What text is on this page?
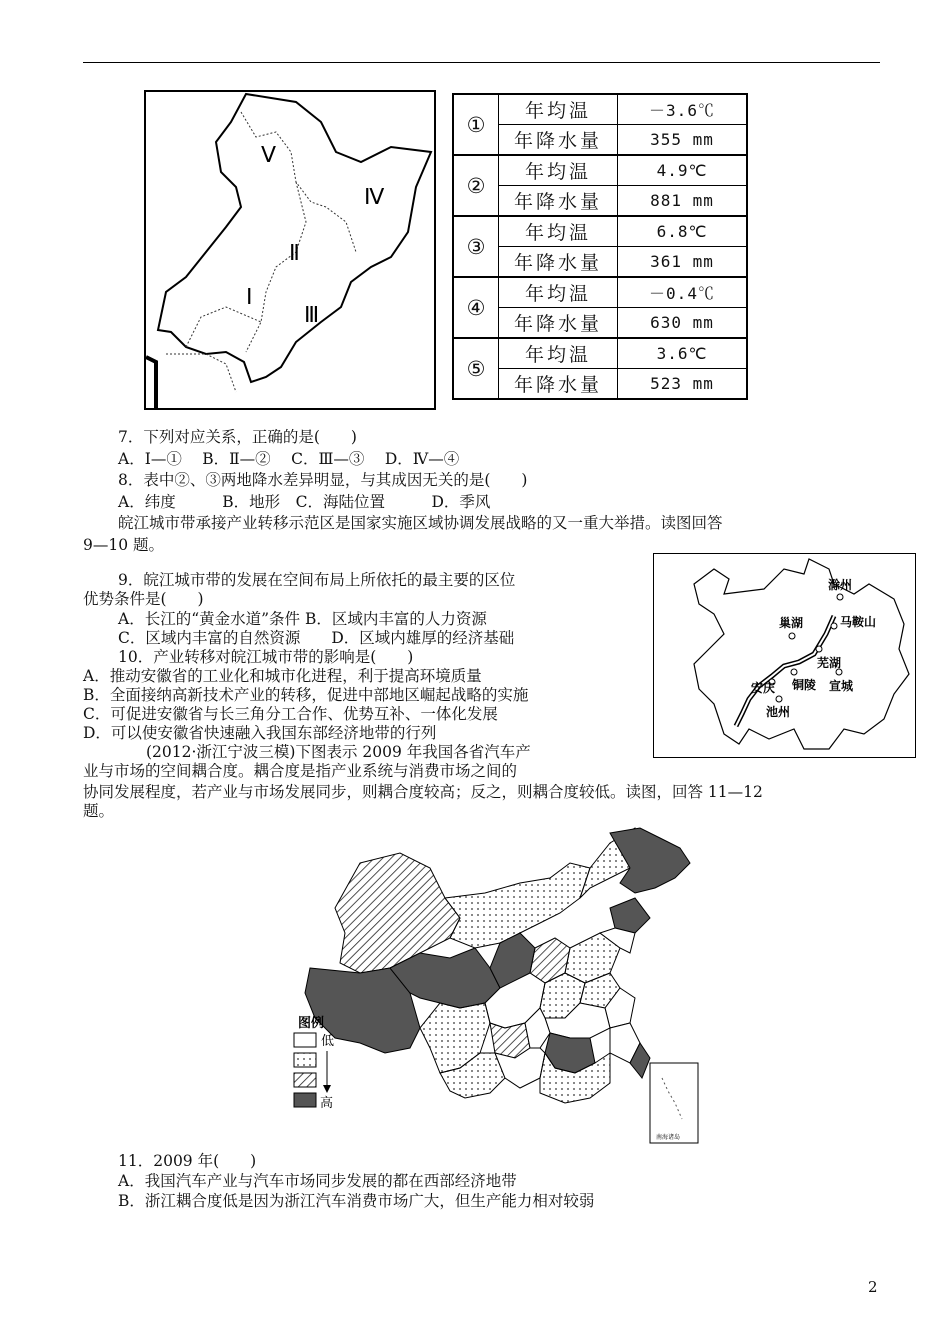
Ⅴ
Ⅳ
Ⅱ
Ⅰ
Ⅲ
①	年均温	－3.6℃
	年降水量	355 mm
②	年均温	4.9℃
	年降水量	881 mm
③	年均温	6.8℃
	年降水量	361 mm
④	年均温	－0.4℃
	年降水量	630 mm
⑤	年均温	3.6℃
	年降水量	523 mm
7．下列对应关系，正确的是(　　)
A．Ⅰ—①　 B．Ⅱ—②　 C．Ⅲ—③　 D．Ⅳ—④
8．表中②、③两地降水差异明显，与其成因无关的是(　　)
A．纬度　　　B．地形　C．海陆位置　　　D．季风
皖江城市带承接产业转移示范区是国家实施区域协调发展战略的又一重大举措。读图回答
9—10 题。
9．皖江城市带的发展在空间布局上所依托的最主要的区位
优势条件是(　　)
A．长江的“黄金水道”条件 B．区域内丰富的人力资源
C．区域内丰富的自然资源　　D．区域内雄厚的经济基础
10．产业转移对皖江城市带的影响是(　　)
A．推动安徽省的工业化和城市化进程，利于提高环境质量
B．全面接纳高新技术产业的转移，促进中部地区崛起战略的实施
C．可促进安徽省与长三角分工合作、优势互补、一体化发展
D．可以使安徽省快速融入我国东部经济地带的行列
(2012·浙江宁波三模)下图表示 2009 年我国各省汽车产
业与市场的空间耦合度。耦合度是指产业系统与消费市场之间的
协同发展程度，若产业与市场发展同步，则耦合度较高；反之，则耦合度较低。读图，回答 11—12
题。
滁州
巢湖	马鞍山
芜湖
安庆 铜陵 宣城
池州
南海诸岛
图例
低
高
11．2009 年(　　)
A．我国汽车产业与汽车市场同步发展的都在西部经济地带
B．浙江耦合度低是因为浙江汽车消费市场广大，但生产能力相对较弱
2
